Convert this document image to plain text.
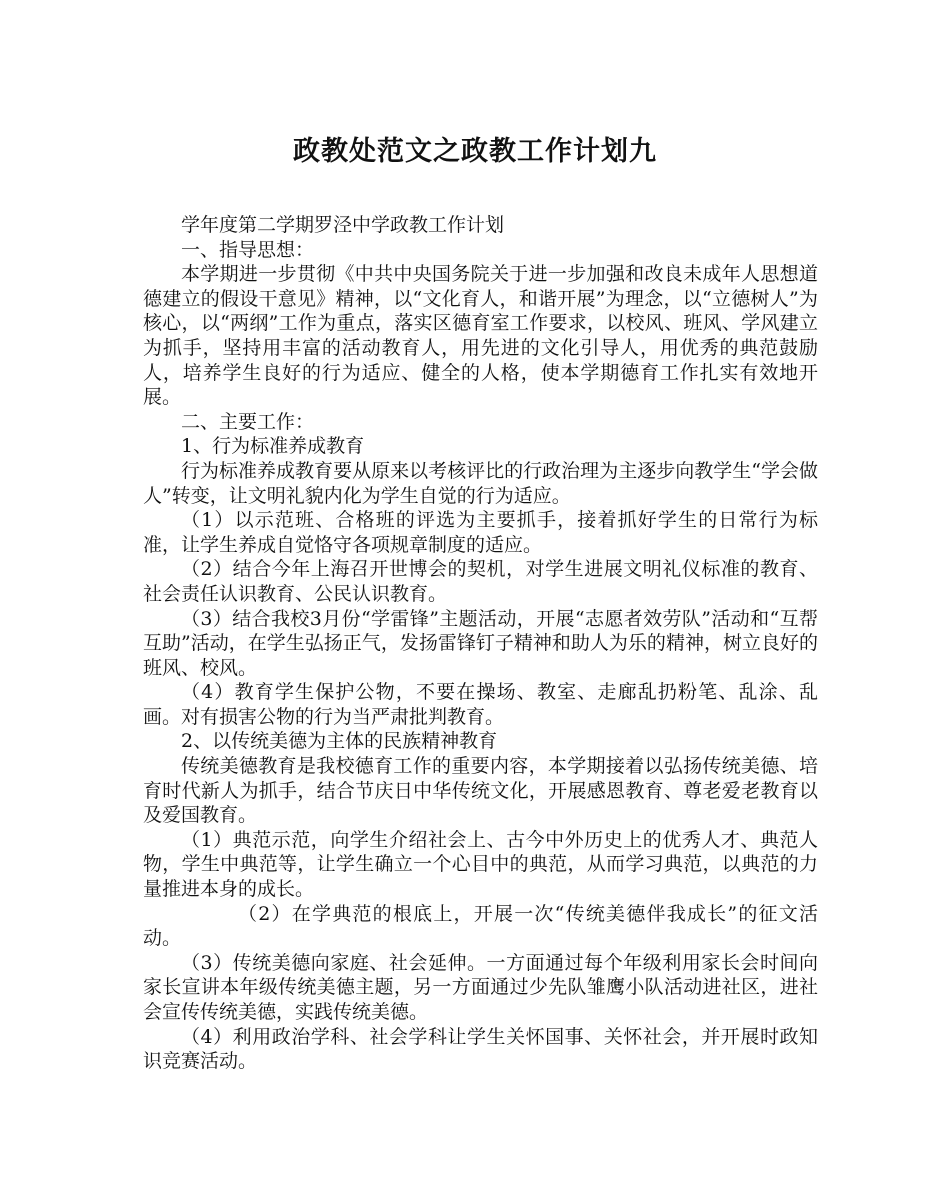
政教处范文之政教工作计划九

学年度第二学期罗泾中学政教工作计划

一、指导思想：

本学期进一步贯彻《中共中央国务院关于进一步加强和改良未成年人思想道德建立的假设干意见》精神，以“文化育人，和谐开展”为理念，以“立德树人”为核心，以“两纲”工作为重点，落实区德育室工作要求，以校风、班风、学风建立为抓手，坚持用丰富的活动教育人，用先进的文化引导人，用优秀的典范鼓励人，培养学生良好的行为适应、健全的人格，使本学期德育工作扎实有效地开展。

二、主要工作：

1、行为标准养成教育

行为标准养成教育要从原来以考核评比的行政治理为主逐步向教学生“学会做人”转变，让文明礼貌内化为学生自觉的行为适应。

（1）以示范班、合格班的评选为主要抓手，接着抓好学生的日常行为标准，让学生养成自觉恪守各项规章制度的适应。

（2）结合今年上海召开世博会的契机，对学生进展文明礼仪标准的教育、社会责任认识教育、公民认识教育。

（3）结合我校3月份“学雷锋”主题活动，开展“志愿者效劳队”活动和“互帮互助”活动，在学生弘扬正气，发扬雷锋钉子精神和助人为乐的精神，树立良好的班风、校风。

（4）教育学生保护公物，不要在操场、教室、走廊乱扔粉笔、乱涂、乱画。对有损害公物的行为当严肃批判教育。

2、以传统美德为主体的民族精神教育

传统美德教育是我校德育工作的重要内容，本学期接着以弘扬传统美德、培育时代新人为抓手，结合节庆日中华传统文化，开展感恩教育、尊老爱老教育以及爱国教育。

（1）典范示范，向学生介绍社会上、古今中外历史上的优秀人才、典范人物，学生中典范等，让学生确立一个心目中的典范，从而学习典范，以典范的力量推进本身的成长。

（2）在学典范的根底上，开展一次“传统美德伴我成长”的征文活动。

（3）传统美德向家庭、社会延伸。一方面通过每个年级利用家长会时间向家长宣讲本年级传统美德主题，另一方面通过少先队雏鹰小队活动进社区，进社会宣传传统美德，实践传统美德。

（4）利用政治学科、社会学科让学生关怀国事、关怀社会，并开展时政知识竞赛活动。
